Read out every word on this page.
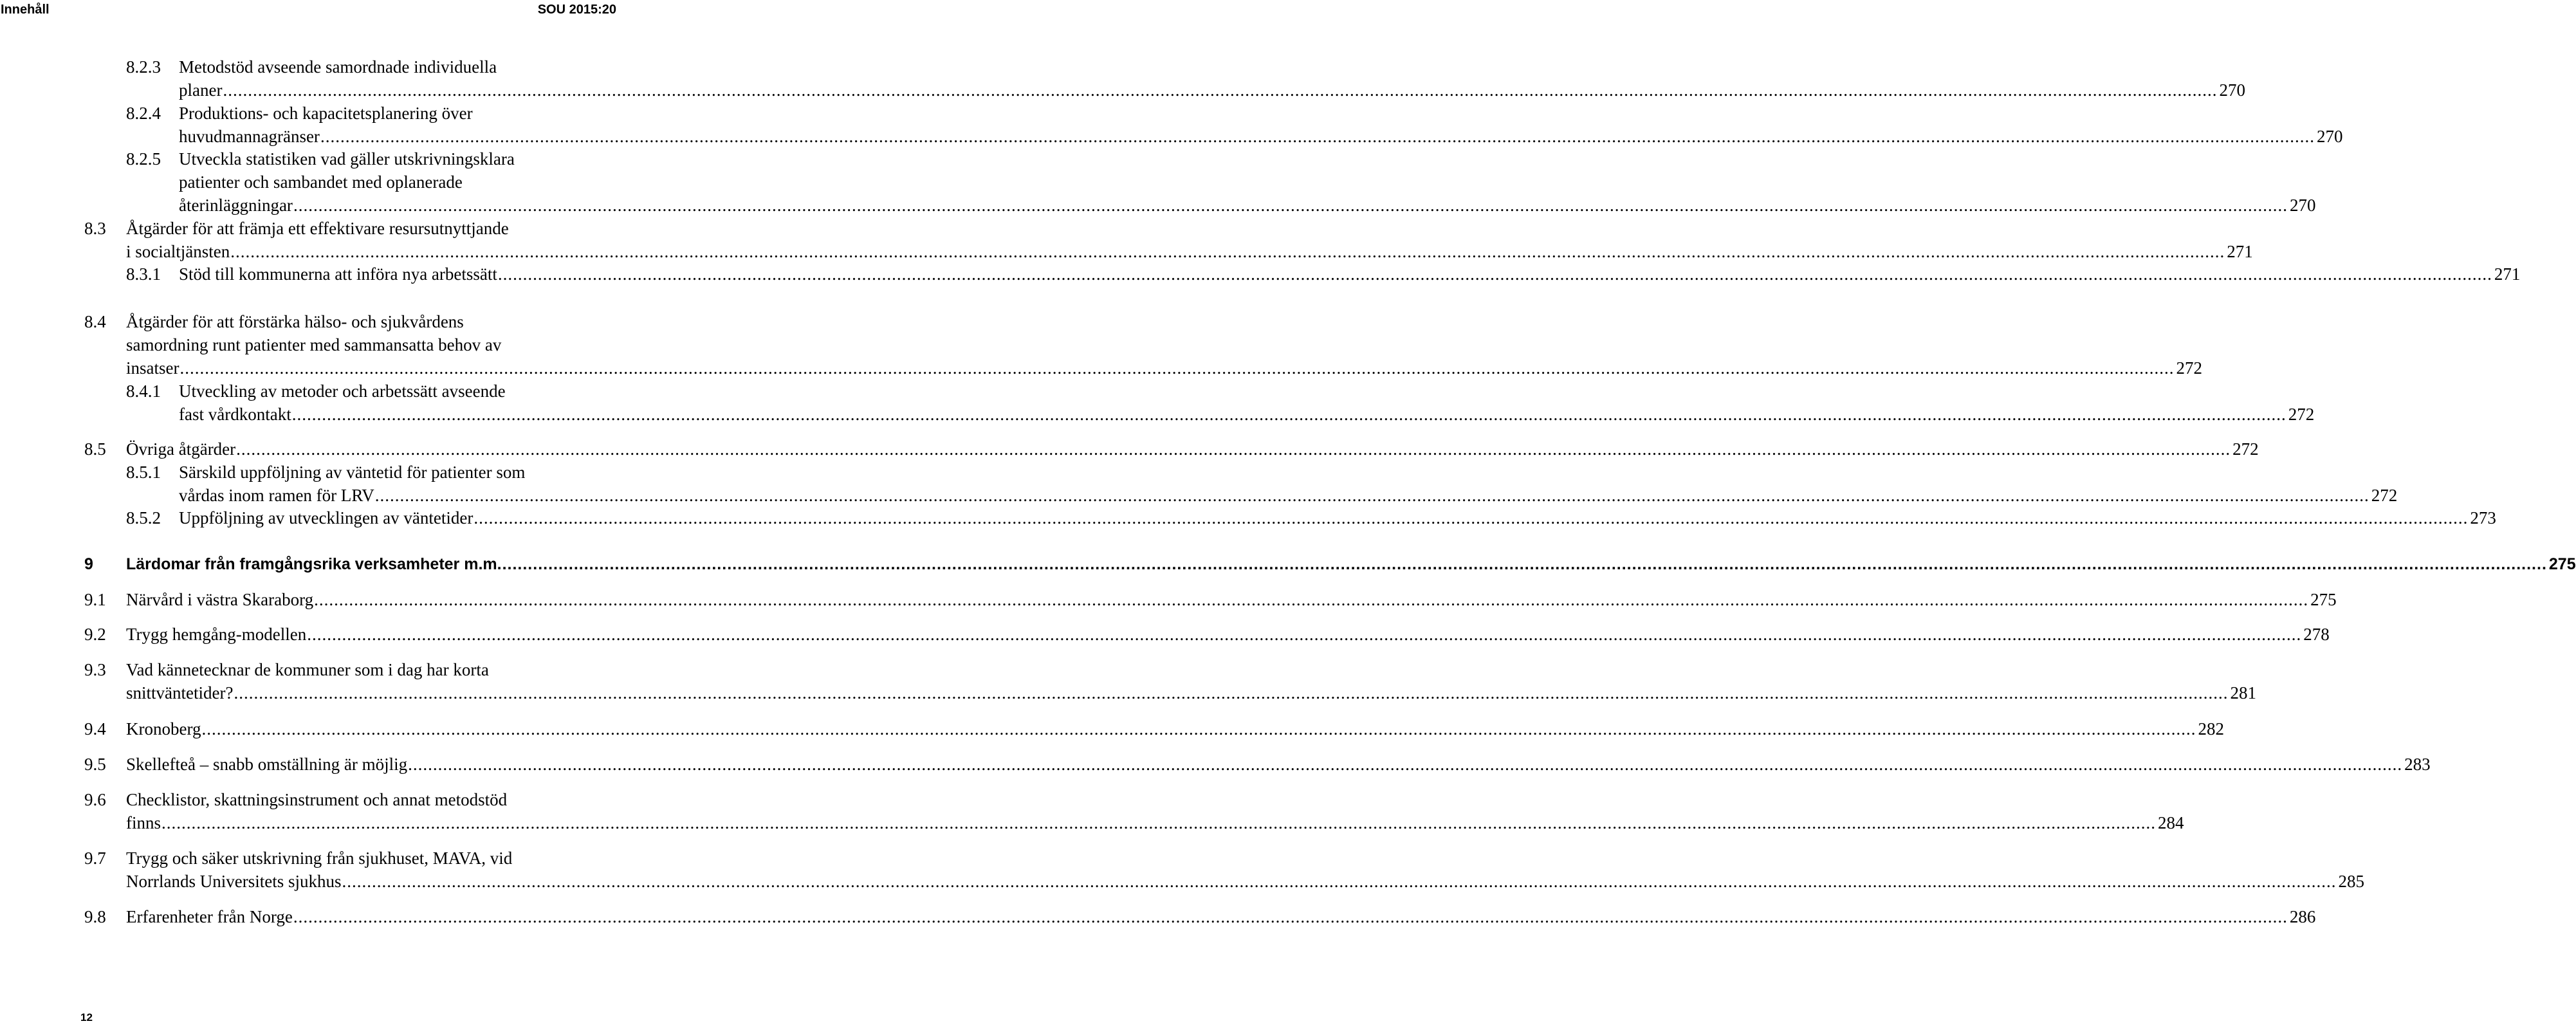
Innehåll	SOU 2015:20
8.2.3 Metodstöd avseende samordnade individuella
planer ................................................................................................................................................................................................................................................................................................................................................................................................................ 270
8.2.4 Produktions- och kapacitetsplanering över
huvudmannagränser ................................................................................................................................................................................................................................................................................................................................................................................................................ 270
8.2.5 Utveckla statistiken vad gäller utskrivningsklara
patienter och sambandet med oplanerade
återinläggningar ................................................................................................................................................................................................................................................................................................................................................................................................................ 270
8.3 Åtgärder för att främja ett effektivare resursutnyttjande
i socialtjänsten ................................................................................................................................................................................................................................................................................................................................................................................................................ 271
8.3.1 Stöd till kommunerna att införa nya arbetssätt ................................................................................................................................................................................................................................................................................................................................................................................................................ 271
8.4 Åtgärder för att förstärka hälso- och sjukvårdens
samordning runt patienter med sammansatta behov av
insatser ................................................................................................................................................................................................................................................................................................................................................................................................................ 272
8.4.1 Utveckling av metoder och arbetssätt avseende
fast vårdkontakt ................................................................................................................................................................................................................................................................................................................................................................................................................ 272
8.5 Övriga åtgärder ................................................................................................................................................................................................................................................................................................................................................................................................................ 272
8.5.1 Särskild uppföljning av väntetid för patienter som
vårdas inom ramen för LRV ................................................................................................................................................................................................................................................................................................................................................................................................................ 272
8.5.2 Uppföljning av utvecklingen av väntetider ................................................................................................................................................................................................................................................................................................................................................................................................................ 273
9 Lärdomar från framgångsrika verksamheter m.m. ................................................................................................................................................................................................................................................................................................................................................................................................................ 275
9.1 Närvård i västra Skaraborg ................................................................................................................................................................................................................................................................................................................................................................................................................ 275
9.2 Trygg hemgång-modellen ................................................................................................................................................................................................................................................................................................................................................................................................................ 278
9.3 Vad kännetecknar de kommuner som i dag har korta
snittväntetider? ................................................................................................................................................................................................................................................................................................................................................................................................................ 281
9.4 Kronoberg ................................................................................................................................................................................................................................................................................................................................................................................................................ 282
9.5 Skellefteå – snabb omställning är möjlig ................................................................................................................................................................................................................................................................................................................................................................................................................ 283
9.6 Checklistor, skattningsinstrument och annat metodstöd
finns ................................................................................................................................................................................................................................................................................................................................................................................................................ 284
9.7 Trygg och säker utskrivning från sjukhuset, MAVA, vid
Norrlands Universitets sjukhus ................................................................................................................................................................................................................................................................................................................................................................................................................ 285
9.8 Erfarenheter från Norge ................................................................................................................................................................................................................................................................................................................................................................................................................ 286
12
